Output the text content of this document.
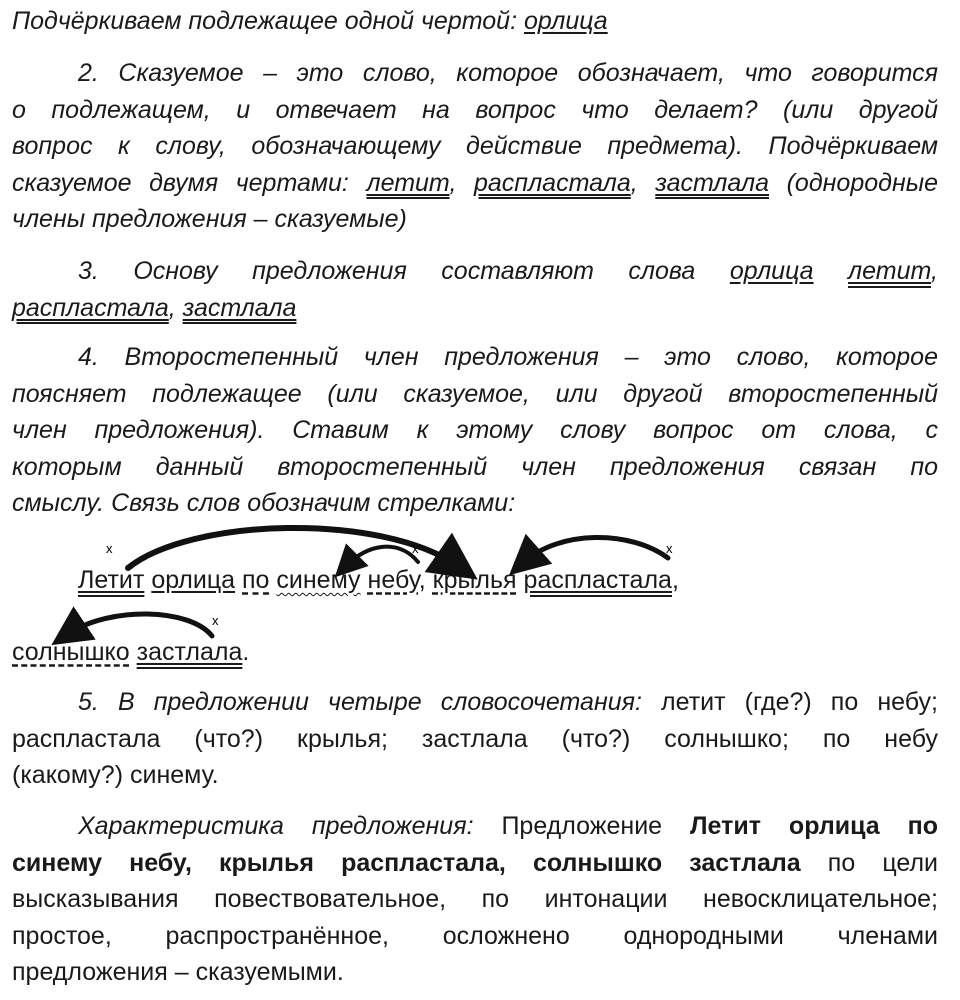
Подчёркиваем подлежащее одной чертой: орлица

2. Сказуемое – это слово, которое обозначает, что говорится
о подлежащем, и отвечает на вопрос что делает? (или другой
вопрос к слову, обозначающему действие предмета). Подчёркиваем
сказуемое двумя чертами: летит, распластала, застлала (однородные
члены предложения – сказуемые)

3. Основу предложения составляют слова орлица летит,
распластала, застлала

4. Второстепенный член предложения – это слово, которое
поясняет подлежащее (или сказуемое, или другой второстепенный
член предложения). Ставим к этому слову вопрос от слова, с
которым данный второстепенный член предложения связан по
смыслу. Связь слов обозначим стрелками:

Летит орлица по синему небу, крылья распластала,
солнышко застлала.
x	x	x
x

5. В предложении четыре словосочетания: летит (где?) по небу;
распластала (что?) крылья; застлала (что?) солнышко; по небу
(какому?) синему.

Характеристика предложения: Предложение Летит орлица по
синему небу, крылья распластала, солнышко застлала по цели
высказывания повествовательное, по интонации невосклицательное;
простое, распространённое, осложнено однородными членами
предложения – сказуемыми.
